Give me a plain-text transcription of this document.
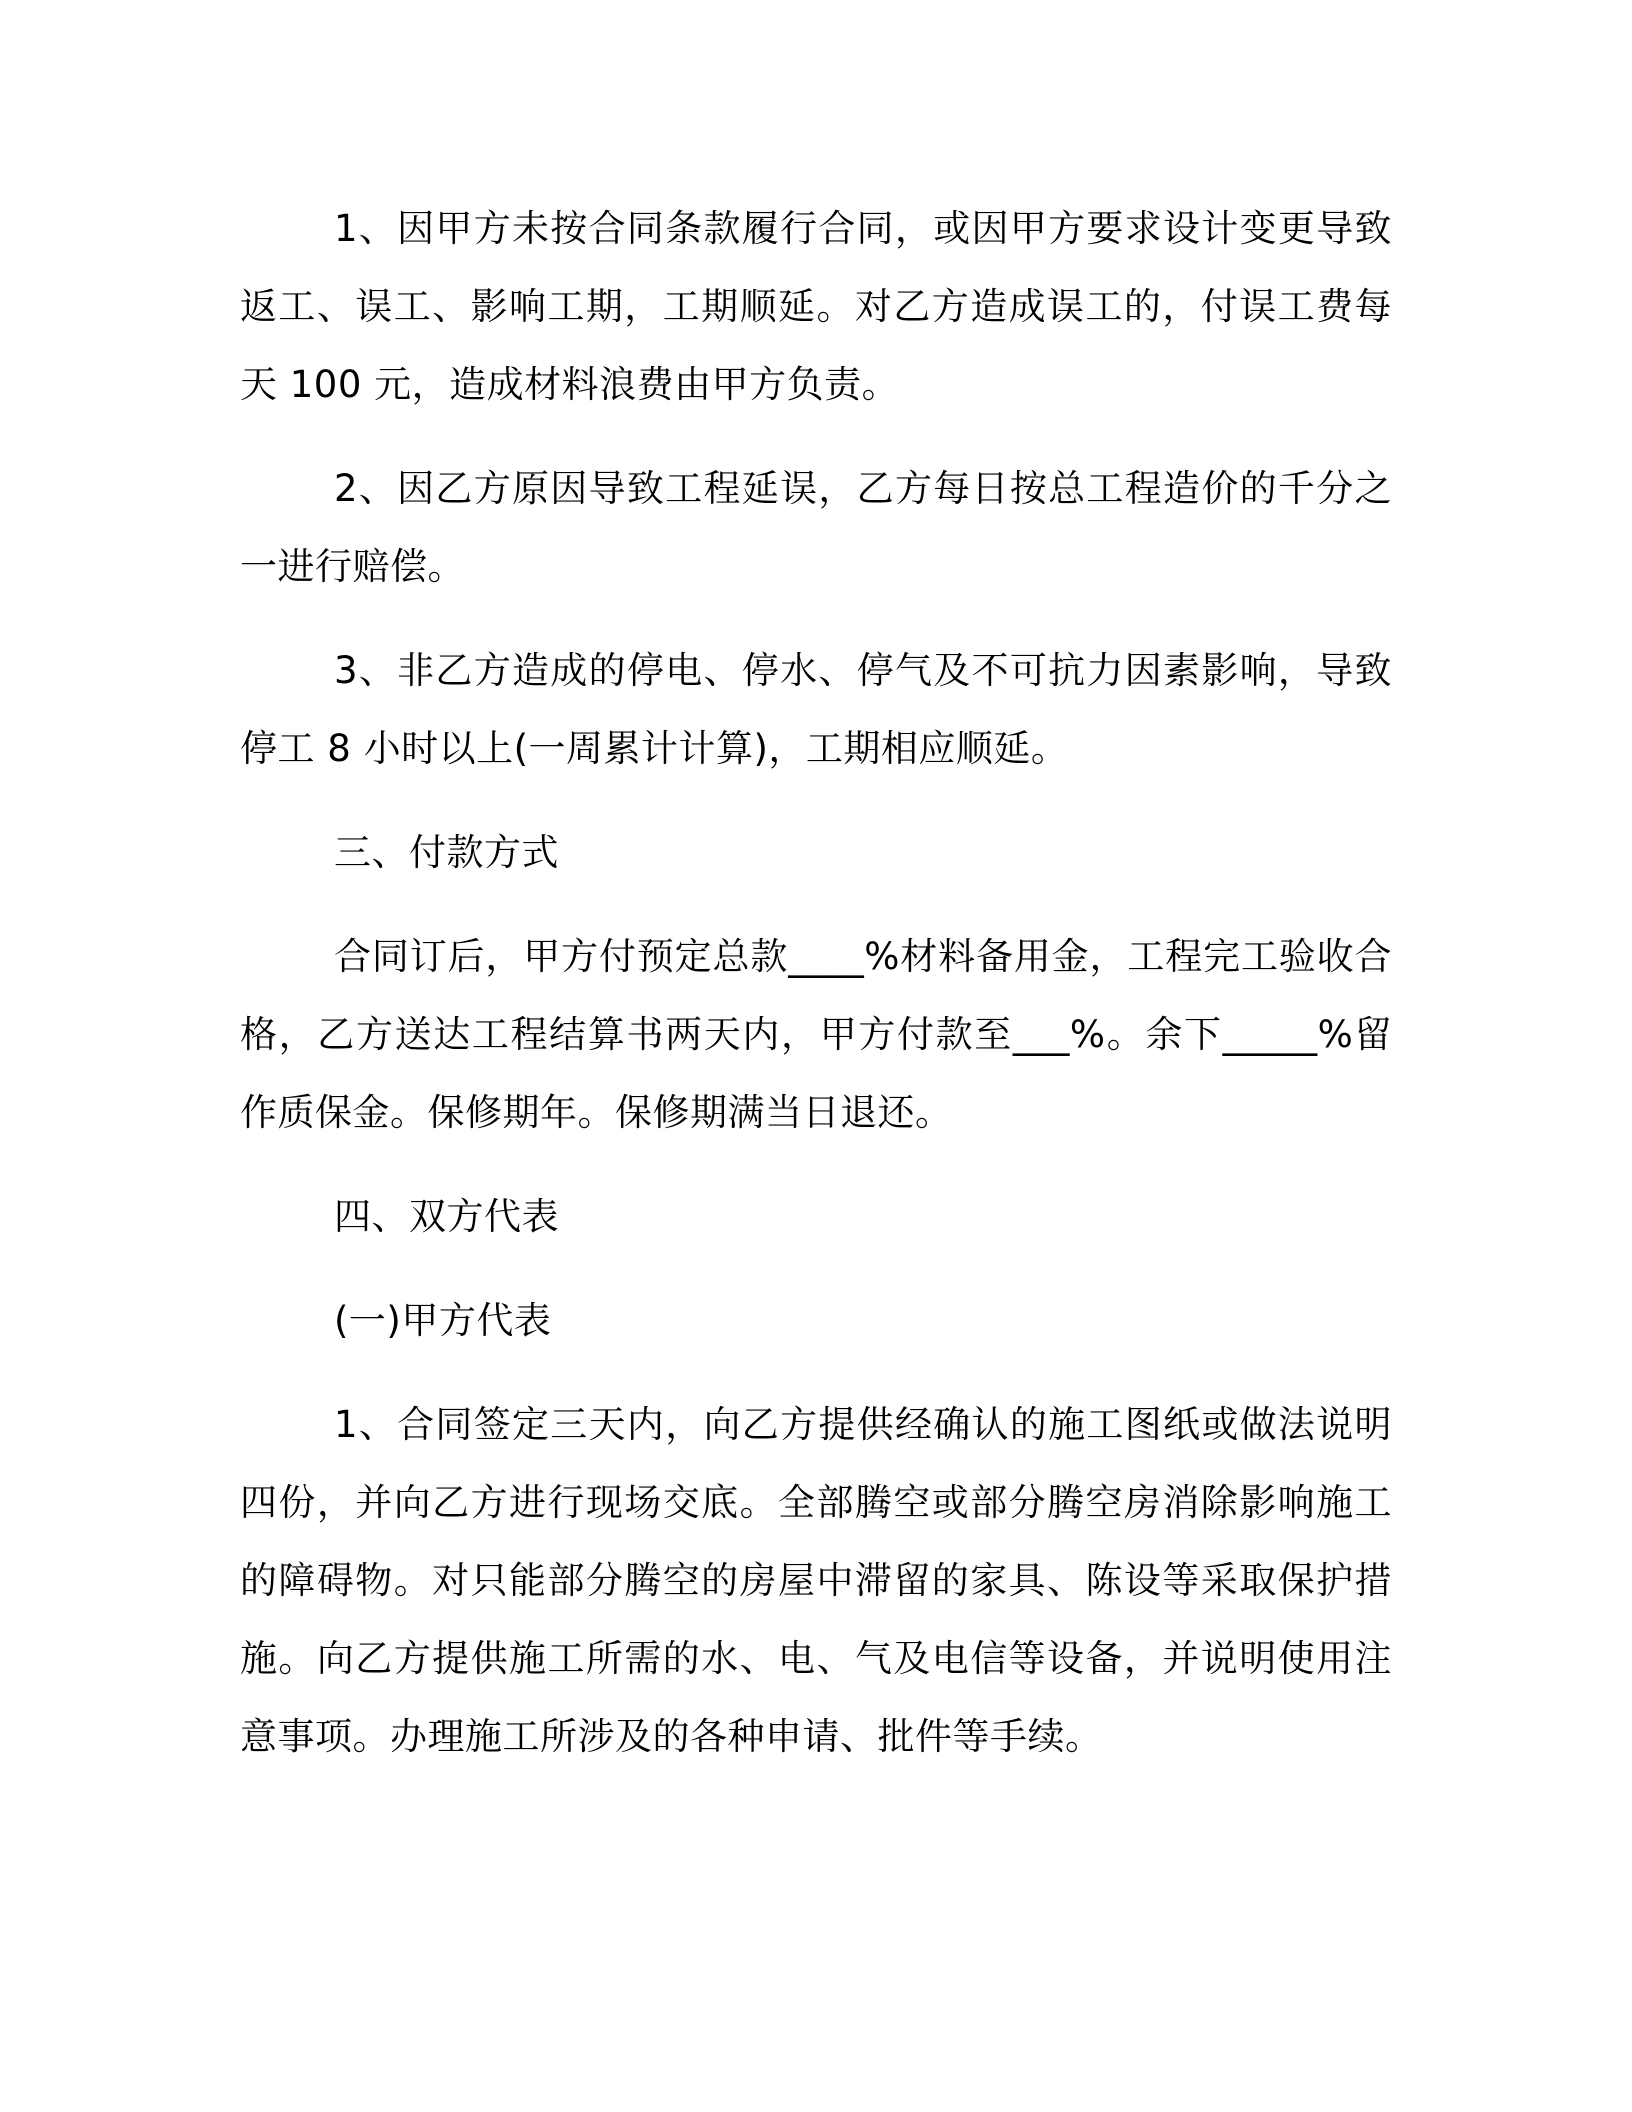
1、因甲方未按合同条款履行合同，或因甲方要求设计变更导致返工、误工、影响工期，工期顺延。对乙方造成误工的，付误工费每天 100 元，造成材料浪费由甲方负责。

2、因乙方原因导致工程延误，乙方每日按总工程造价的千分之一进行赔偿。

3、非乙方造成的停电、停水、停气及不可抗力因素影响，导致停工 8 小时以上(一周累计计算)，工期相应顺延。

三、付款方式

合同订后，甲方付预定总款____%材料备用金，工程完工验收合格，乙方送达工程结算书两天内，甲方付款至___%。余下_____%留作质保金。保修期年。保修期满当日退还。

四、双方代表

(一)甲方代表

1、合同签定三天内，向乙方提供经确认的施工图纸或做法说明四份，并向乙方进行现场交底。全部腾空或部分腾空房消除影响施工的障碍物。对只能部分腾空的房屋中滞留的家具、陈设等采取保护措施。向乙方提供施工所需的水、电、气及电信等设备，并说明使用注意事项。办理施工所涉及的各种申请、批件等手续。
